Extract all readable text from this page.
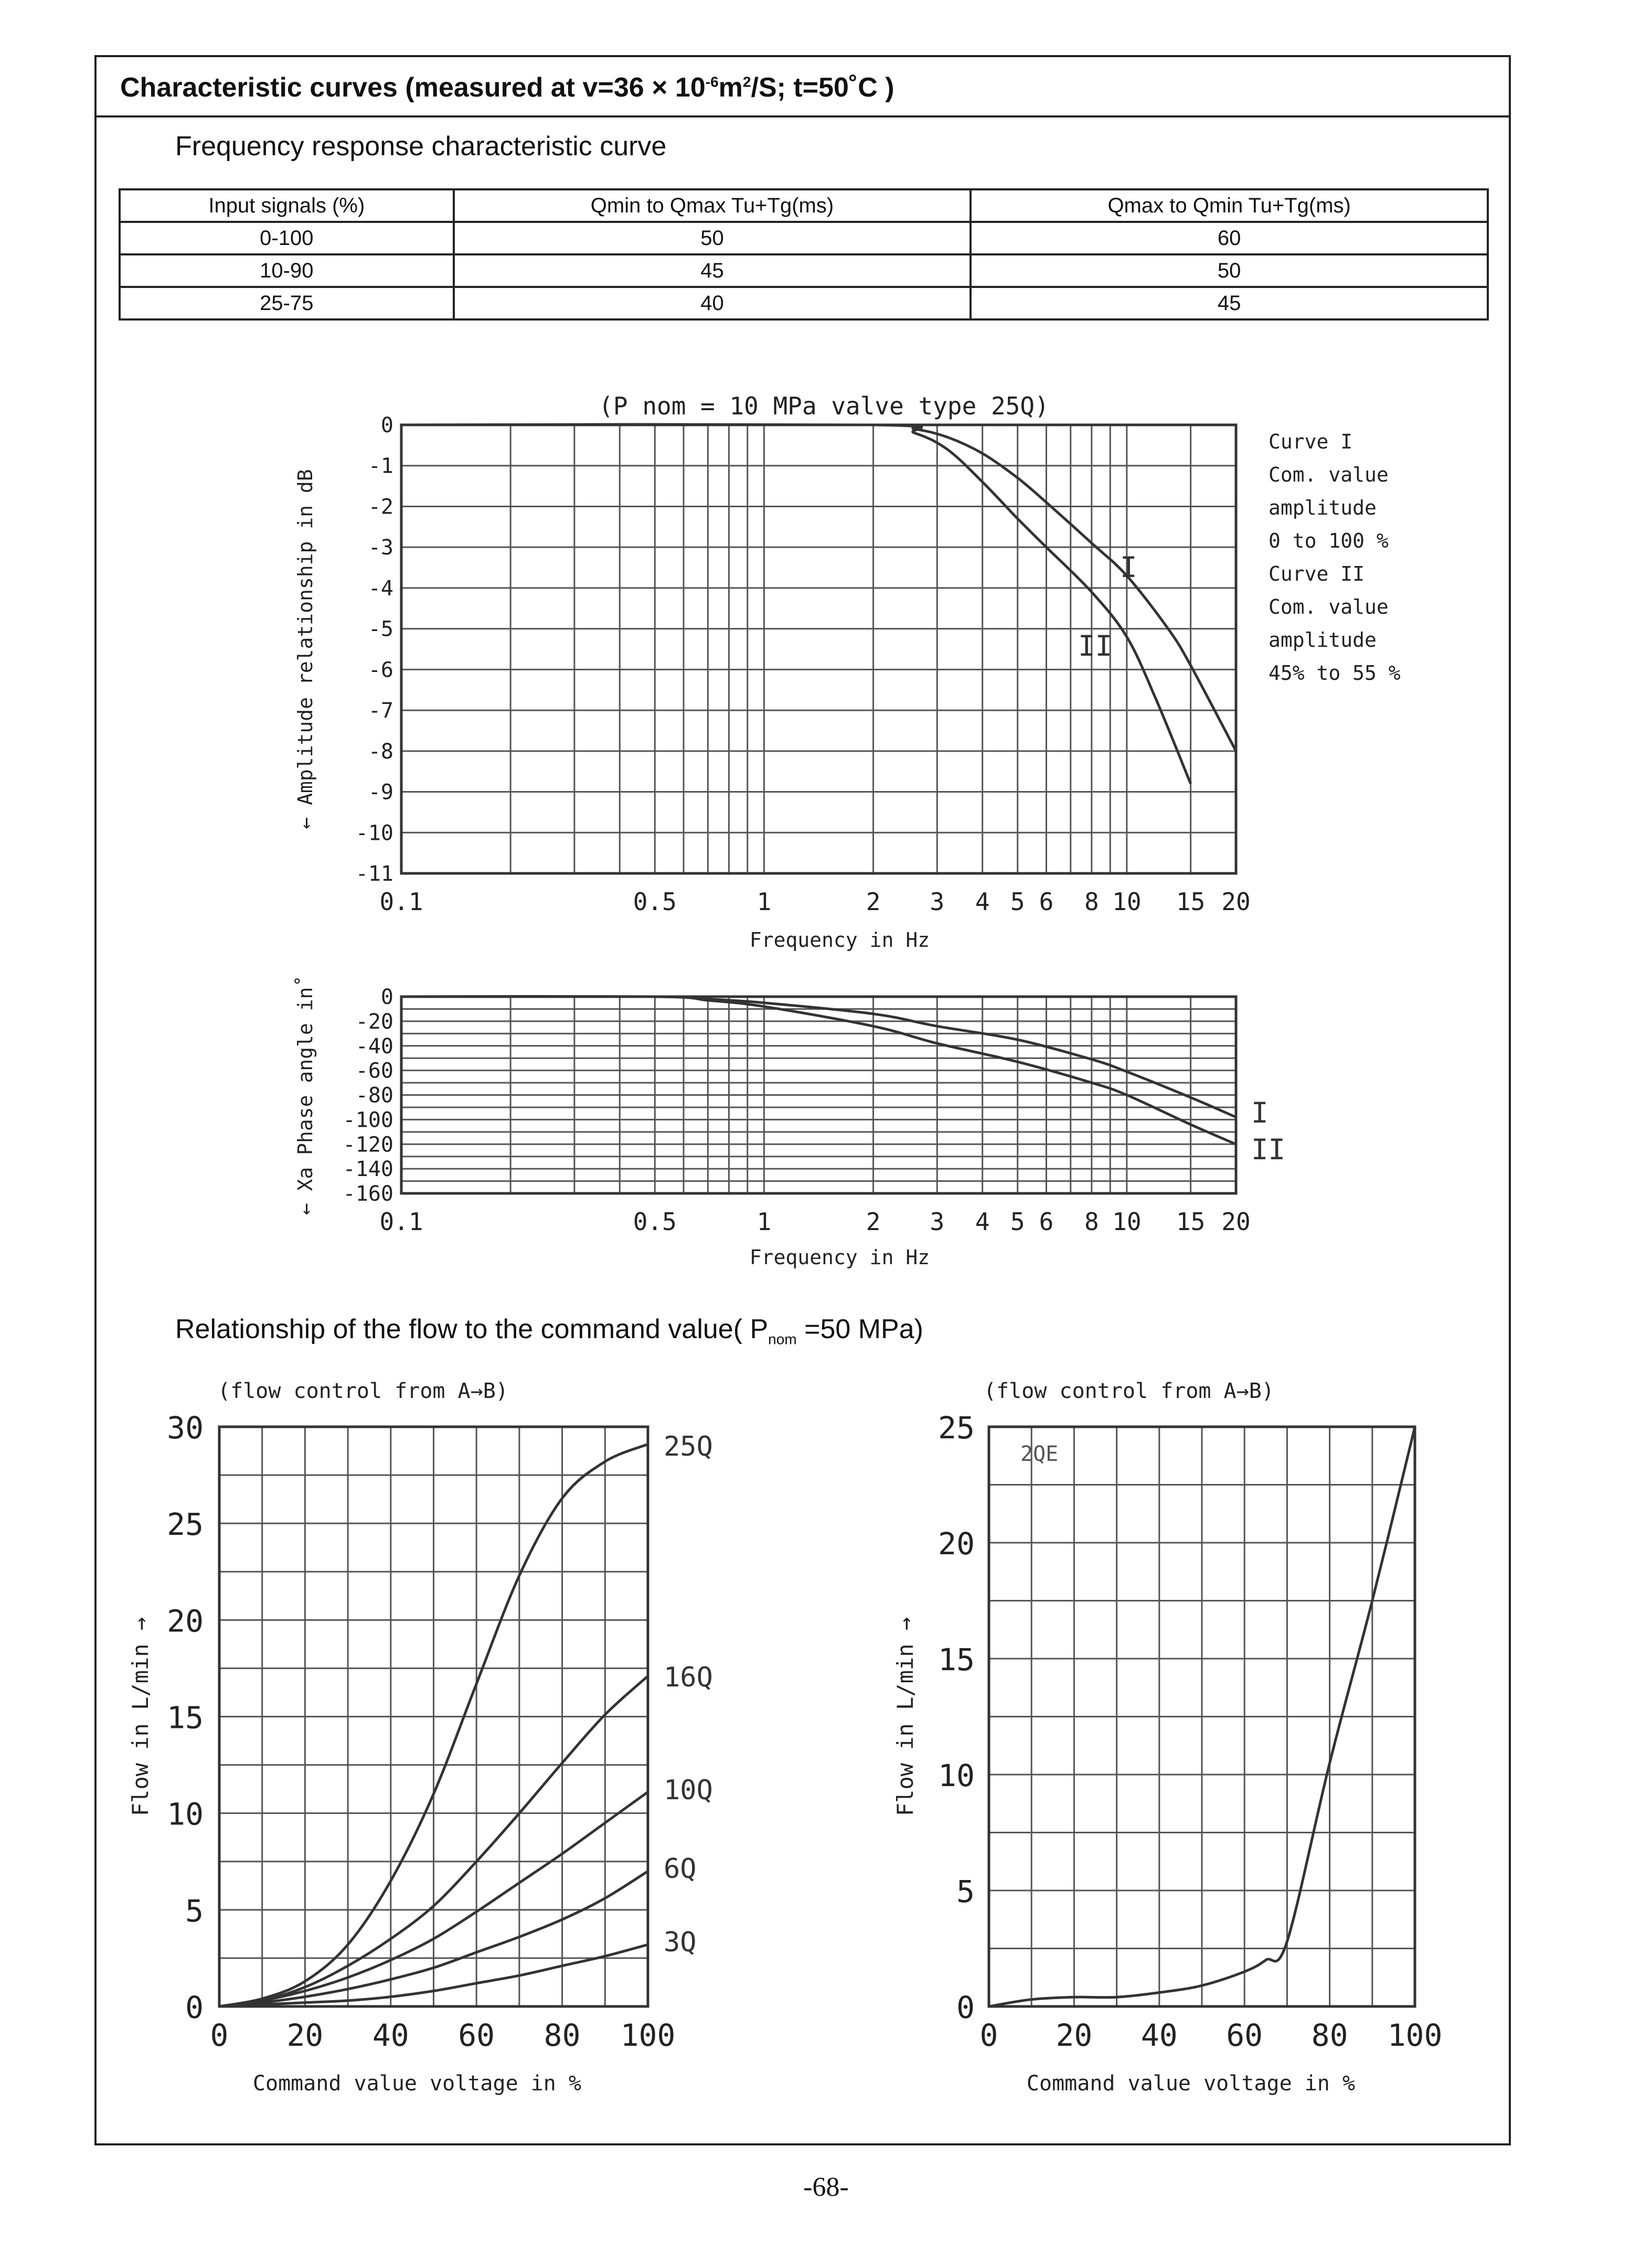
Characteristic curves (measured at $v=36 \times 10^{-6}m^2/S$; t=50˚C )
Frequency response characteristic curve
Input signals (%)	Qmin to Qmax Tu+Tg(ms)	Qmax to Qmin Tu+Tg(ms)
0-100	50	60
10-90	45	50
25-75	40	45
Relationship of the flow to the command value( $P_{nom} =50$ MPa)
0
-1
-2
-3
-4
-5
-6
-7
-8
-9
-10
-11
0.1	0.5	1	2 3 4 5 6 8 10 15 20
Frequency in Hz
← Amplitude relationship in dB	I
II
(P nom = 10 MPa valve type 25Q)
Curve I
Com. value
amplitude
0 to 100 %
Curve II
Com. value
amplitude
45% to 55 %
0
-20
-40
-60
-80
-100
-120
-140
-160
0.1	0.5	1	2 3 4 5 6 8 10 15 20
Frequency in Hz
← Xa Phase angle in˚	I
II
0
5
10
15
20
25
30
0 20 40 60 80 100
(flow control from A→B)
Command value voltage in %
Flow in L/min →
25Q
16Q
10Q
6Q
3Q
0
5
10
15
20
25
0 20 40 60 80 100
(flow control from A→B)
Command value voltage in %
Flow in L/min →
2QE
-68-
